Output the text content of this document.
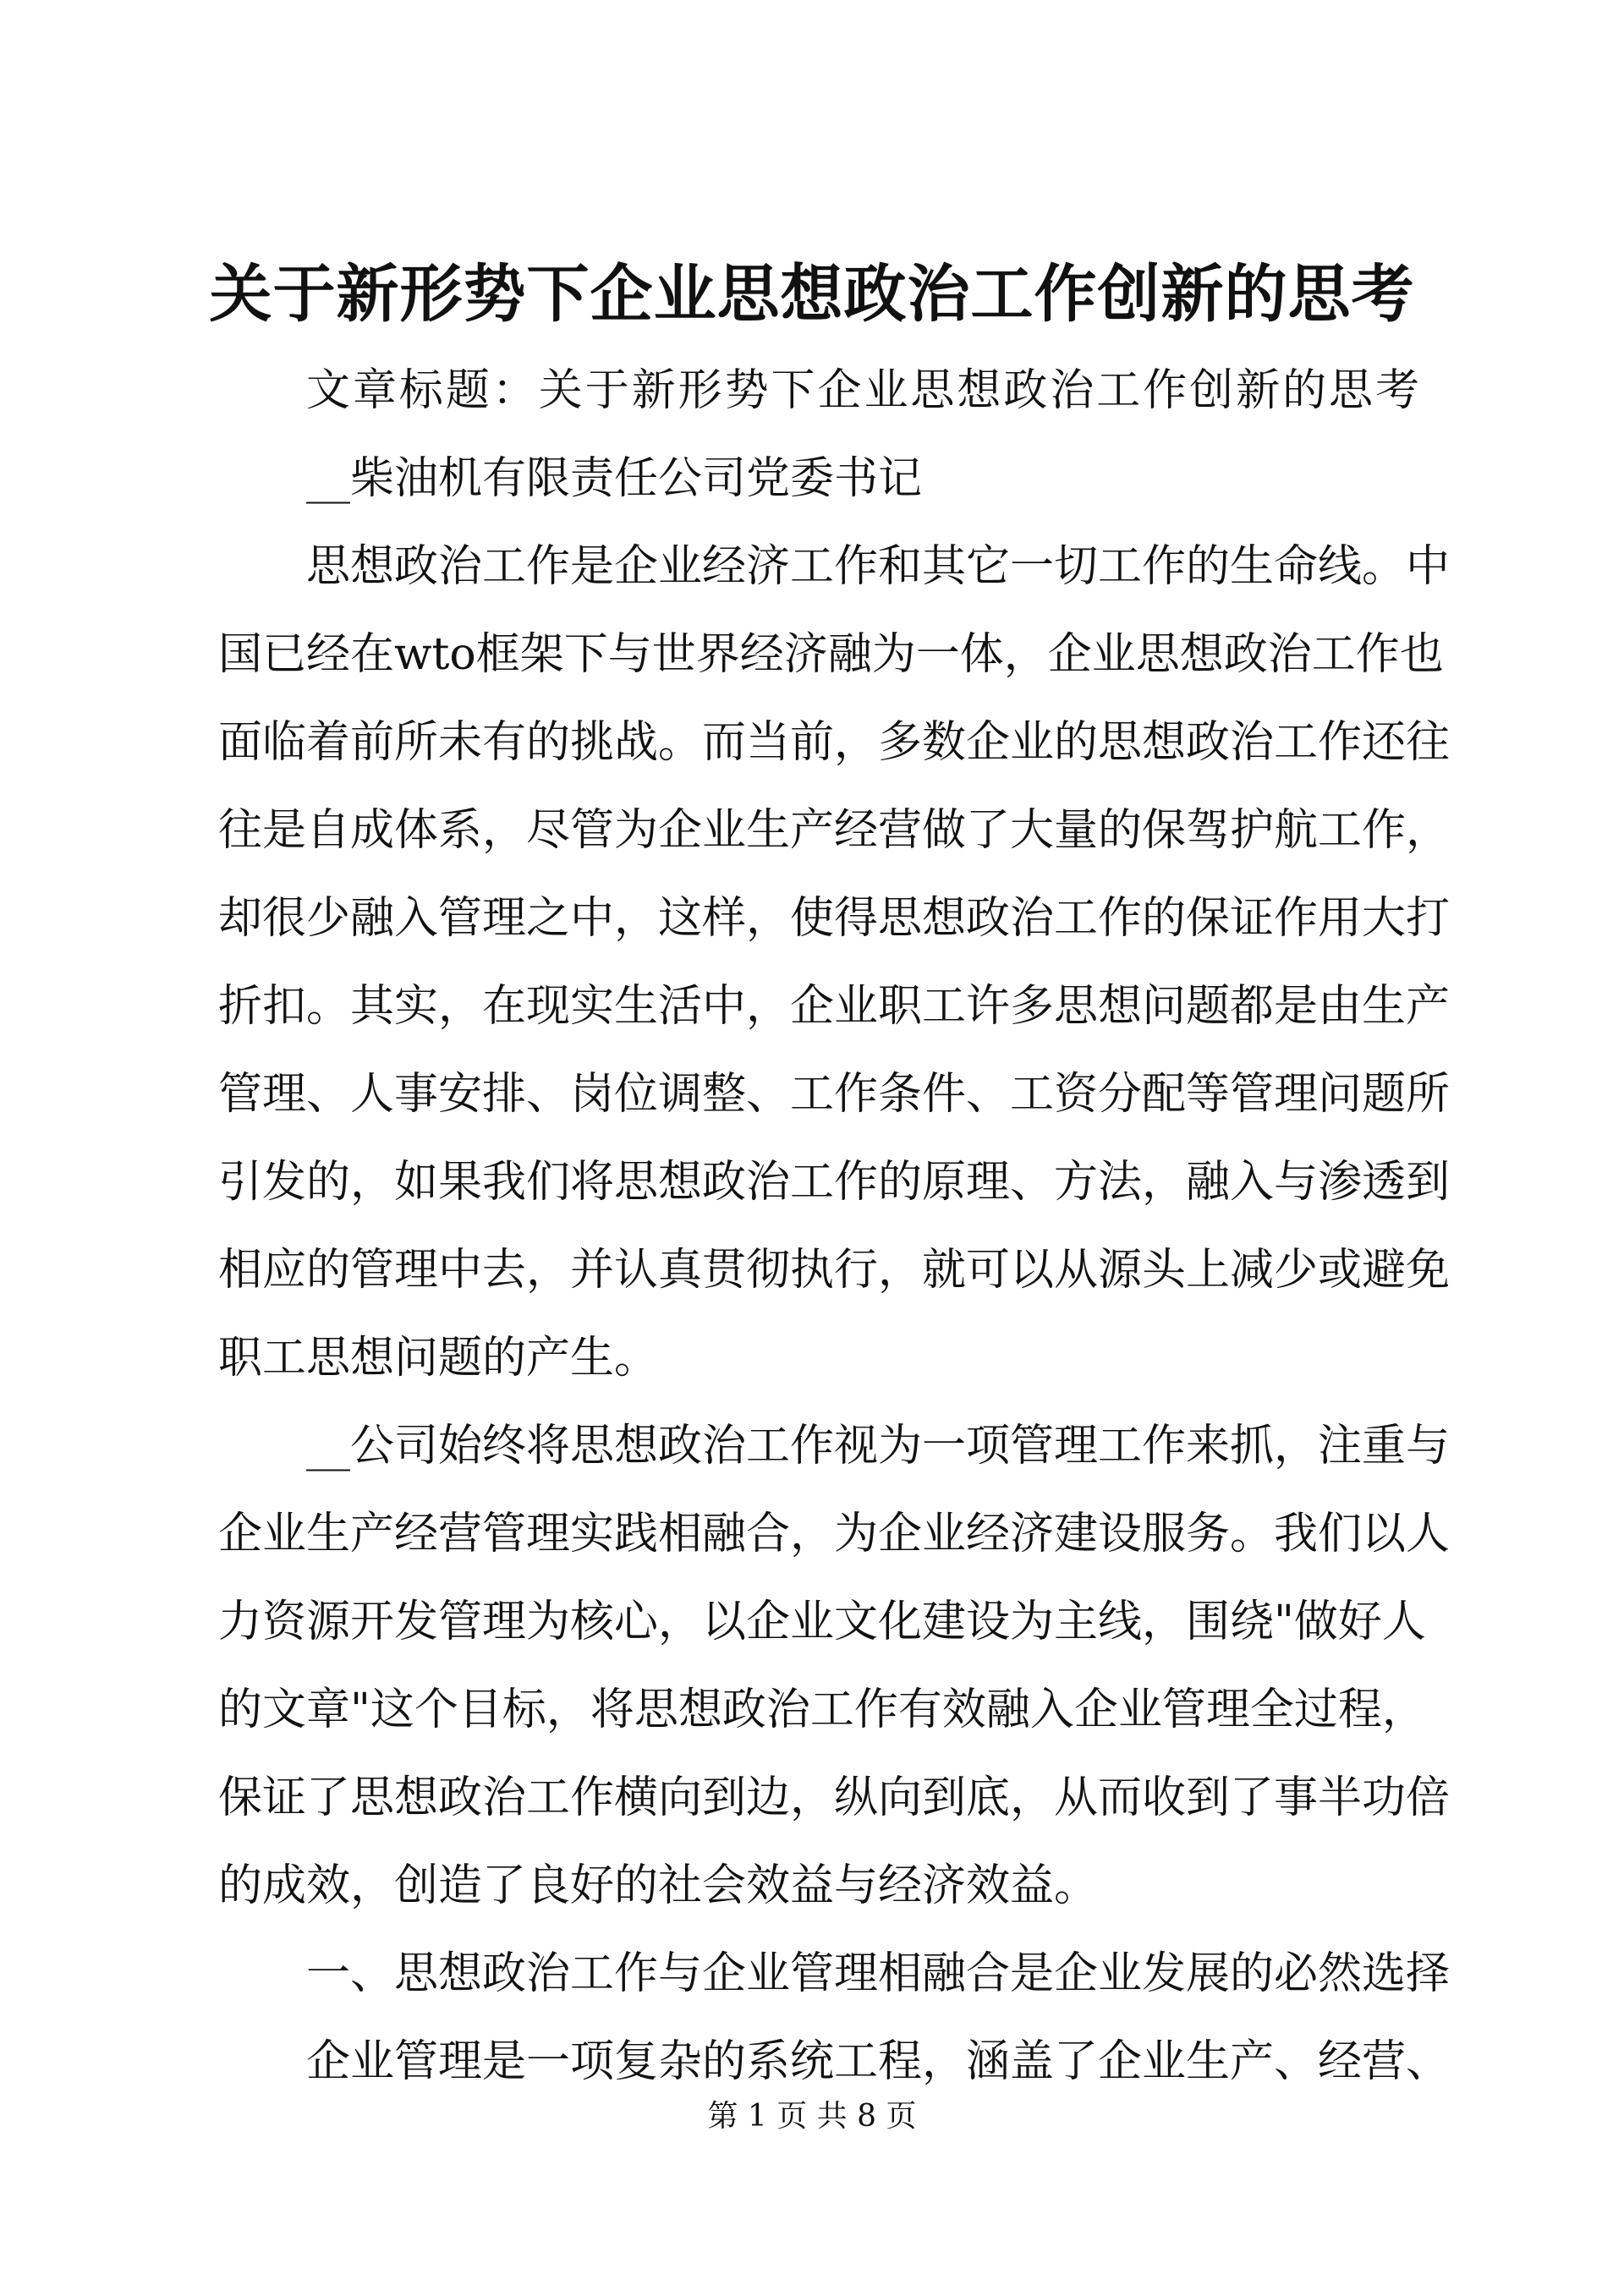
关于新形势下企业思想政治工作创新的思考
文章标题：关于新形势下企业思想政治工作创新的思考
__柴油机有限责任公司党委书记
思想政治工作是企业经济工作和其它一切工作的生命线。中
国已经在wto框架下与世界经济融为一体，企业思想政治工作也
面临着前所未有的挑战。而当前，多数企业的思想政治工作还往
往是自成体系，尽管为企业生产经营做了大量的保驾护航工作，
却很少融入管理之中，这样，使得思想政治工作的保证作用大打
折扣。其实，在现实生活中，企业职工许多思想问题都是由生产
管理、人事安排、岗位调整、工作条件、工资分配等管理问题所
引发的，如果我们将思想政治工作的原理、方法，融入与渗透到
相应的管理中去，并认真贯彻执行，就可以从源头上减少或避免
职工思想问题的产生。
__公司始终将思想政治工作视为一项管理工作来抓，注重与
企业生产经营管理实践相融合，为企业经济建设服务。我们以人
力资源开发管理为核心，以企业文化建设为主线，围绕"做好人
的文章"这个目标，将思想政治工作有效融入企业管理全过程，
保证了思想政治工作横向到边，纵向到底，从而收到了事半功倍
的成效，创造了良好的社会效益与经济效益。
一、思想政治工作与企业管理相融合是企业发展的必然选择
企业管理是一项复杂的系统工程，涵盖了企业生产、经营、
第 1 页 共 8 页
